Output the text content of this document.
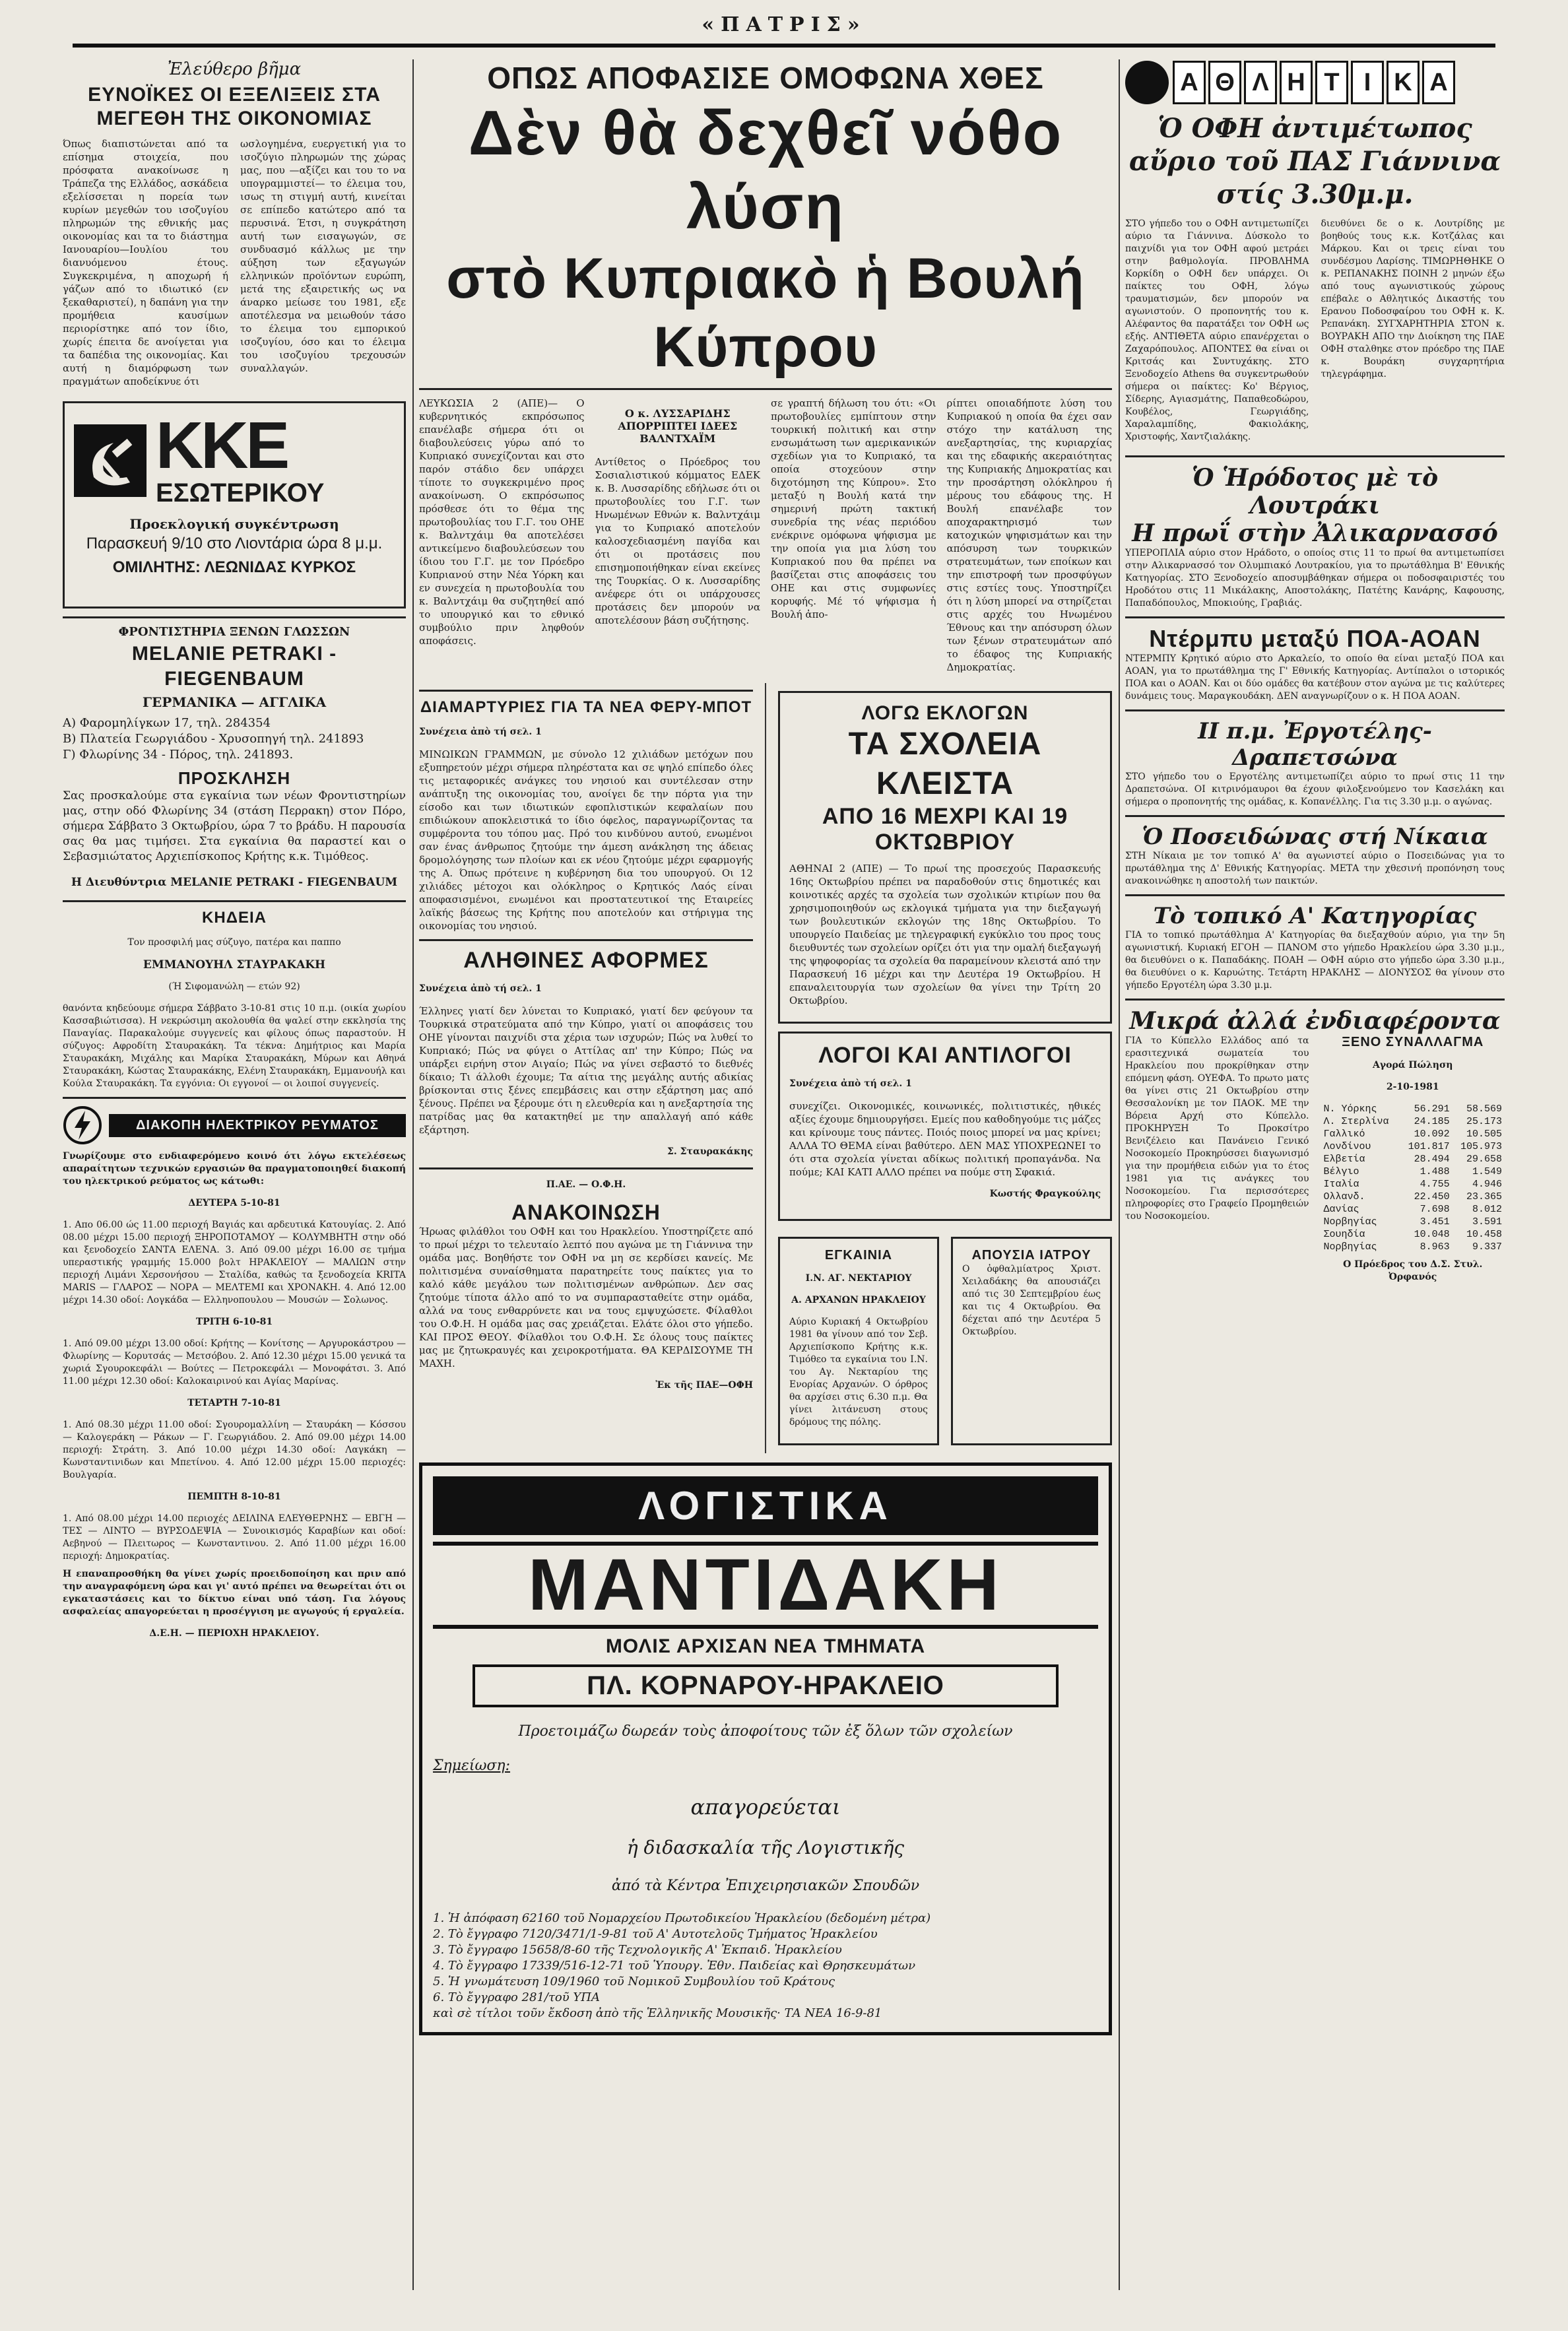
«ΠΑΤΡΙΣ»

Ἐλεύθερο βῆμα

ΕΥΝΟΪΚΕΣ ΟΙ ΕΞΕΛΙΞΕΙΣ ΣΤΑ ΜΕΓΕΘΗ ΤΗΣ ΟΙΚΟΝΟΜΙΑΣ

Όπως διαπιστώνεται από τα επίσημα στοιχεία, που πρόσφατα ανακοίνωσε η Τράπεζα της Ελλάδος, ασκάδεια εξελίσσεται η πορεία των κυρίων μεγεθών του ισοζυγίου πληρωμών της εθνικής μας οικονομίας και τα το διάστημα Ιανουαρίου—Ιουλίου του διανυόμενου έτους. Συγκεκριμένα, η αποχωρή ή γάζων από το ιδιωτικό (εν ξεκαθαριστεί), η δαπάνη για την προμήθεια καυσίμων περιορίστηκε από τον ίδιο, χωρίς έπειτα δε ανοίγεται για τα δαπέδια της οικονομίας. Και αυτή η διαμόρφωση των πραγμάτων αποδείκνυε ότι

ωσλογημένα, ευεργετική για το ισοζύγιο πληρωμών της χώρας μας, που —αξίζει και του το να υπογραμμιστεί— το έλειμα του, ισως τη στιγμή αυτή, κινείται σε επίπεδο κατώτερο από τα περυσινά. Έτσι, η συγκράτηση αυτή των εισαγωγών, σε συνδυασμό κάλλως με την αύξηση των εξαγωγών ελληνικών προϊόντων ευρώπη, μετά της εξαιρετικής ως να άναρκο μείωσε του 1981, εξε αποτέλεσμα να μειωθούν τάσο το έλειμα του εμπορικού ισοζυγίου, όσο και το έλειμα του ισοζυγίου τρεχουσών συναλλαγών.

ΚΚΕ
ΕΣΩΤΕΡΙΚΟΥ

Προεκλογική συγκέντρωση

Παρασκευή 9/10 στο Λιοντάρια ώρα 8 μ.μ.

ΟΜΙΛΗΤΗΣ: ΛΕΩΝΙΔΑΣ ΚΥΡΚΟΣ

ΦΡΟΝΤΙΣΤΗΡΙΑ ΞΕΝΩΝ ΓΛΩΣΣΩΝ

MELANIE PETRAKI - FIEGENBAUM

ΓΕΡΜΑΝΙΚΑ — ΑΓΓΛΙΚΑ

Α) Φαρομηλίγκων 17, τηλ. 284354

Β) Πλατεία Γεωργιάδου - Χρυσοπηγή τηλ. 241893

Γ) Φλωρίνης 34 - Πόρος, τηλ. 241893.

ΠΡΟΣΚΛΗΣΗ

Σας προσκαλούμε στα εγκαίνια των νέων Φροντιστηρίων μας, στην οδό Φλωρίνης 34 (στάση Περρακη) στον Πόρο, σήμερα Σάββατο 3 Οκτωβρίου, ώρα 7 το βράδυ. Η παρουσία σας θα μας τιμήσει. Στα εγκαίνια θα παραστεί και ο Σεβασμιώτατος Αρχιεπίσκοπος Κρήτης κ.κ. Τιμόθεος.

Η Διευθύντρια MELANIE PETRAKI - FIEGENBAUM

ΚΗΔΕΙΑ

Τον προσφιλή μας σύζυγο, πατέρα και παππο

ΕΜΜΑΝΟΥΗΛ ΣΤΑΥΡΑΚΑΚΗ

(Ή Σιφομανώλη — ετών 92)

θανόντα κηδεύουμε σήμερα Σάββατο 3-10-81 στις 10 π.μ. (οικία χωρίου Κασσαβιώτισσα). Η νεκρώσιμη ακολουθία θα ψαλεί στην εκκλησία της Παναγίας. Παρακαλούμε συγγενείς και φίλους όπως παραστούν. Η σύζυγος: Αφροδίτη Σταυρακάκη. Τα τέκνα: Δημήτριος και Μαρία Σταυρακάκη, Μιχάλης και Μαρίκα Σταυρακάκη, Μύρων και Αθηνά Σταυρακάκη, Κώστας Σταυρακάκης, Ελένη Σταυρακάκη, Εμμανουήλ και Κούλα Σταυρακάκη. Τα εγγόνια: Οι εγγονοί — οι λοιποί συγγενείς.

ΔΙΑΚΟΠΗ ΗΛΕΚΤΡΙΚΟΥ ΡΕΥΜΑΤΟΣ

Γνωρίζουμε στο ενδιαφερόμενο κοινό ότι λόγω εκτελέσεως απαραίτητων τεχνικών εργασιών θα πραγματοποιηθεί διακοπή του ηλεκτρικού ρεύματος ως κάτωθι:

ΔΕΥΤΕΡΑ 5-10-81

1. Απο 06.00 ώς 11.00 περιοχή Βαγιάς και αρδευτικά Κατουγίας. 2. Από 08.00 μέχρι 15.00 περιοχή ΞΗΡΟΠΟΤΑΜΟΥ — ΚΟΛΥΜΒΗΤΗ στην οδό και ξενοδοχείο ΣΑΝΤΑ ΕΛΕΝΑ. 3. Από 09.00 μέχρι 16.00 σε τμήμα υπεραστικής γραμμής 15.000 βολτ ΗΡΑΚΛΕΙΟΥ — ΜΑΛΙΩΝ στην περιοχή Λιμάνι Χερσονήσου — Σταλίδα, καθώς τα ξενοδοχεία KRITA MARIS — ΓΛΑΡΟΣ — ΝΟΡΑ — ΜΕΛΤΕΜΙ και ΧΡΟΝΑΚΗ. 4. Από 12.00 μέχρι 14.30 οδοί: Λογκάδα — Ελληνοπουλου — Μουσών — Σολωνος.

ΤΡΙΤΗ 6-10-81

1. Από 09.00 μέχρι 13.00 οδοί: Κρήτης — Κονίτσης — Αργυροκάστρου — Φλωρίνης — Κορυτσάς — Μετσόβου. 2. Από 12.30 μέχρι 15.00 γενικά τα χωριά Σγουροκεφάλι — Βούτες — Πετροκεφάλι — Μονοφάτσι. 3. Από 11.00 μέχρι 12.30 οδοί: Καλοκαιρινού και Αγίας Μαρίνας.

ΤΕΤΑΡΤΗ 7-10-81

1. Από 08.30 μέχρι 11.00 οδοί: Σγουρομαλλίνη — Σταυράκη — Κόσσου — Καλογεράκη — Ράκων — Γ. Γεωργιάδου. 2. Από 09.00 μέχρι 14.00 περιοχή: Στράτη. 3. Από 10.00 μέχρι 14.30 οδοί: Λαγκάκη — Κωνσταντινιδων και Μπετίνου. 4. Από 12.00 μέχρι 15.00 περιοχές: Βουλγαρία.

ΠΕΜΠΤΗ 8-10-81

1. Από 08.00 μέχρι 14.00 περιοχές ΔΕΙΛΙΝΑ ΕΛΕΥΘΕΡΝΗΣ — ΕΒΓΗ — ΤΕΣ — ΛΙΝΤΟ — ΒΥΡΣΟΔΕΨΙΑ — Συνοικισμός Καραβίων και οδοί: Αεβηνού — Πλειτωρος — Κωνσταντινου. 2. Από 11.00 μέχρι 16.00 περιοχή: Δημοκρατίας.

Η επαναπροσθήκη θα γίνει χωρίς προειδοποίηση και πριν από την αναγραφόμενη ώρα και γι' αυτό πρέπει να θεωρείται ότι οι εγκαταστάσεις και το δίκτυο είναι υπό τάση. Για λόγους ασφαλείας απαγορεύεται η προσέγγιση με αγωγούς ή εργαλεία.

Δ.Ε.Η. — ΠΕΡΙΟΧΗ ΗΡΑΚΛΕΙΟΥ.

ΟΠΩΣ ΑΠΟΦΑΣΙΣΕ ΟΜΟΦΩΝΑ ΧΘΕΣ

Δὲν θὰ δεχθεῖ νόθο λύση

στὸ Κυπριακὸ ἡ Βουλή Κύπρου

ΛΕΥΚΩΣΙΑ 2 (ΑΠΕ)— Ο κυβερνητικός εκπρόσωπος επανέλαβε σήμερα ότι οι διαβουλεύσεις γύρω από το Κυπριακό συνεχίζονται και στο παρόν στάδιο δεν υπάρχει τίποτε το συγκεκριμένο προς ανακοίνωση. Ο εκπρόσωπος πρόσθεσε ότι το θέμα της πρωτοβουλίας του Γ.Γ. του ΟΗΕ κ. Βαλντχάιμ θα αποτελέσει αντικείμενο διαβουλεύσεων του ίδιου του Γ.Γ. με τον Πρόεδρο Κυπριανού στην Νέα Υόρκη και εν συνεχεία η πρωτοβουλία του κ. Βαλντχάιμ θα συζητηθεί από το υπουργικό και το εθνικό συμβούλιο πριν ληφθούν αποφάσεις.

Ο κ. ΛΥΣΣΑΡΙΔΗΣ ΑΠΟΡΡΙΠΤΕΙ ΙΔΕΕΣ ΒΑΛΝΤΧΑΪΜ

Αντίθετος ο Πρόεδρος του Σοσιαλιστικού κόμματος ΕΔΕΚ κ. Β. Λυσσαρίδης εδήλωσε ότι οι πρωτοβουλίες του Γ.Γ. των Ηνωμένων Εθνών κ. Βαλντχάιμ για το Κυπριακό αποτελούν καλοσχεδιασμένη παγίδα και ότι οι προτάσεις που επισημοποιήθηκαν είναι εκείνες της Τουρκίας. Ο κ. Λυσσαρίδης ανέφερε ότι οι υπάρχουσες προτάσεις δεν μπορούν να αποτελέσουν βάση συζήτησης.

σε γραπτή δήλωση του ότι: «Οι πρωτοβουλίες εμπίπτουν στην τουρκική πολιτική και στην ενσωμάτωση των αμερικανικών σχεδίων για το Κυπριακό, τα οποία στοχεύουν στην διχοτόμηση της Κύπρου». Στο μεταξύ η Βουλή κατά την σημερινή πρώτη τακτική συνεδρία της νέας περιόδου ενέκρινε ομόφωνα ψήφισμα με την οποία για μια λύση του Κυπριακού που θα πρέπει να βασίζεται στις αποφάσεις του ΟΗΕ και στις συμφωνίες κορυφής. Μέ τό ψήφισμα ἡ Βουλή ἀπο-

ρίπτει οποιαδήποτε λύση του Κυπριακού η οποία θα έχει σαν στόχο την κατάλυση της ανεξαρτησίας, της κυριαρχίας και της εδαφικής ακεραιότητας της Κυπριακής Δημοκρατίας και την προσάρτηση ολόκληρου ή μέρους του εδάφους της. Η Βουλή επανέλαβε τον αποχαρακτηρισμό των κατοχικών ψηφισμάτων και την απόσυρση των τουρκικών στρατευμάτων, των εποίκων και την επιστροφή των προσφύγων στις εστίες τους. Υποστηρίζει ότι η λύση μπορεί να στηρίζεται στις αρχές του Ηνωμένου Έθνους και την απόσυρση όλων των ξένων στρατευμάτων από το έδαφος της Κυπριακής Δημοκρατίας.

ΔΙΑΜΑΡΤΥΡΙΕΣ ΓΙΑ ΤΑ ΝΕΑ ΦΕΡΥ-ΜΠΟΤ

Συνέχεια ἀπὸ τή σελ. 1

ΜΙΝΩΙΚΩΝ ΓΡΑΜΜΩΝ, με σύνολο 12 χιλιάδων μετόχων που εξυπηρετούν μέχρι σήμερα πληρέστατα και σε ψηλό επίπεδο όλες τις μεταφορικές ανάγκες του νησιού και συντέλεσαν στην ανάπτυξη της οικονομίας του, ανοίγει δε την πόρτα για την είσοδο και των ιδιωτικών εφοπλιστικών κεφαλαίων που επιδιώκουν αποκλειστικά το ίδιο όφελος, παραγνωρίζοντας τα συμφέροντα του τόπου μας. Πρό του κινδύνου αυτού, ενωμένοι σαν ένας άνθρωπος ζητούμε την άμεση ανάκληση της άδειας δρομολόγησης των πλοίων και εκ νέου ζητούμε μέχρι εφαρμογής της Α. Όπως πρότεινε η κυβέρνηση δια του υπουργού. Οι 12 χιλιάδες μέτοχοι και ολόκληρος ο Κρητικός Λαός είναι αποφασισμένοι, ενωμένοι και προστατευτικοί της Εταιρείες λαϊκής βάσεως της Κρήτης που αποτελούν και στήριγμα της οικονομίας του νησιού.

ΑΛΗΘΙΝΕΣ ΑΦΟΡΜΕΣ

Συνέχεια ἀπὸ τή σελ. 1

Έλληνες γιατί δεν λύνεται το Κυπριακό, γιατί δεν φεύγουν τα Τουρκικά στρατεύματα από την Κύπρο, γιατί οι αποφάσεις του ΟΗΕ γίνονται παιχνίδι στα χέρια των ισχυρών; Πώς να λυθεί το Κυπριακό; Πώς να φύγει ο Αττίλας απ' την Κύπρο; Πώς να υπάρξει ειρήνη στον Αιγαίο; Πώς να γίνει σεβαστό το διεθνές δίκαιο; Τι άλλοθι έχουμε; Τα αίτια της μεγάλης αυτής αδικίας βρίσκονται στις ξένες επεμβάσεις και στην εξάρτηση μας από ξένους. Πρέπει να ξέρουμε ότι η ελευθερία και η ανεξαρτησία της πατρίδας μας θα κατακτηθεί με την απαλλαγή από κάθε εξάρτηση.

Σ. Σταυρακάκης

Π.ΑΕ. — Ο.Φ.Η.

ΑΝΑΚΟΙΝΩΣΗ

Ήρωας φιλάθλοι του ΟΦΗ και του Ηρακλείου. Υποστηρίζετε από το πρωί μέχρι το τελευταίο λεπτό που αγώνα με τη Γιάννινα την ομάδα μας. Βοηθήστε τον ΟΦΗ να μη σε κερδίσει κανείς. Με πολιτισμένα συναίσθηματα παρατηρείτε τους παίκτες για το καλό κάθε μεγάλου των πολιτισμένων ανθρώπων. Δεν σας ζητούμε τίποτα άλλο από το να συμπαρασταθείτε στην ομάδα, αλλά να τους ενθαρρύνετε και να τους εμψυχώσετε. Φίλαθλοι του Ο.Φ.Η. Η ομάδα μας σας χρειάζεται. Ελάτε όλοι στο γήπεδο. ΚΑΙ ΠΡΟΣ ΘΕΟΥ. Φίλαθλοι του Ο.Φ.Η. Σε όλους τους παίκτες μας με ζητωκραυγές και χειροκροτήματα. ΘΑ ΚΕΡΔΙΣΟΥΜΕ ΤΗ ΜΑΧΗ.

Ἐκ τῆς ΠΑΕ—ΟΦΗ

ΛΟΓΩ ΕΚΛΟΓΩΝ

ΤΑ ΣΧΟΛΕΙΑ ΚΛΕΙΣΤΑ

ΑΠΟ 16 ΜΕΧΡΙ ΚΑΙ 19 ΟΚΤΩΒΡΙΟΥ

ΑΘΗΝΑΙ 2 (ΑΠΕ) — Το πρωί της προσεχούς Παρασκευής 16ης Οκτωβρίου πρέπει να παραδοθούν στις δημοτικές και κοινοτικές αρχές τα σχολεία των σχολικών κτιρίων που θα χρησιμοποιηθούν ως εκλογικά τμήματα για την διεξαγωγή των βουλευτικών εκλογών της 18ης Οκτωβρίου. Το υπουργείο Παιδείας με τηλεγραφική εγκύκλιο του προς τους διευθυντές των σχολείων ορίζει ότι για την ομαλή διεξαγωγή της ψηφοφορίας τα σχολεία θα παραμείνουν κλειστά από την Παρασκευή 16 μέχρι και την Δευτέρα 19 Οκτωβρίου. Η επαναλειτουργία των σχολείων θα γίνει την Τρίτη 20 Οκτωβρίου.

ΛΟΓΟΙ ΚΑΙ ΑΝΤΙΛΟΓΟΙ

Συνέχεια ἀπὸ τή σελ. 1

συνεχίζει. Οικονομικές, κοινωνικές, πολιτιστικές, ηθικές αξίες έχουμε δημιουργήσει. Εμείς που καθοδηγούμε τις μάζες και κρίνουμε τους πάντες. Ποιός ποιος μπορεί να μας κρίνει; ΑΛΛΑ ΤΟ ΘΕΜΑ είναι βαθύτερο. ΔΕΝ ΜΑΣ ΥΠΟΧΡΕΩΝΕΙ το ότι στα σχολεία γίνεται αδίκως πολιτική προπαγάνδα. Να πούμε; ΚΑΙ ΚΑΤΙ ΑΛΛΟ πρέπει να πούμε στη Σφακιά.

Κωστής Φραγκούλης

ΕΓΚΑΙΝΙΑ

Ι.Ν. ΑΓ. ΝΕΚΤΑΡΙΟΥ

Α. ΑΡΧΑΝΩΝ ΗΡΑΚΛΕΙΟΥ

Αύριο Κυριακή 4 Οκτωβρίου 1981 θα γίνουν από τον Σεβ. Αρχιεπίσκοπο Κρήτης κ.κ. Τιμόθεο τα εγκαίνια του Ι.Ν. του Αγ. Νεκταρίου της Ενορίας Αρχανών. Ο όρθρος θα αρχίσει στις 6.30 π.μ. Θα γίνει λιτάνευση στους δρόμους της πόλης.

ΑΠΟΥΣΙΑ ΙΑΤΡΟΥ

Ο ὀφθαλμίατρος Χριστ. Χειλαδάκης θα απουσιάζει από τις 30 Σεπτεμβρίου έως και τις 4 Οκτωβρίου. Θα δέχεται από την Δευτέρα 5 Οκτωβρίου.

ΛΟΓΙΣΤΙΚΑ
ΜΑΝΤΙΔΑΚΗ

ΜΟΛΙΣ ΑΡΧΙΣΑΝ ΝΕΑ ΤΜΗΜΑΤΑ

ΠΛ. ΚΟΡΝΑΡΟΥ-ΗΡΑΚΛΕΙΟ

Προετοιμάζω δωρεάν τοὺς ἀποφοίτους τῶν ἐξ ὅλων τῶν σχολείων

Σημείωση:

απαγορεύεται

ἡ διδασκαλία τῆς Λογιστικῆς

ἀπό τὰ Κέντρα Ἐπιχειρησιακῶν Σπουδῶν

1. Ἡ ἀπόφαση 62160 τοῦ Νομαρχείου Πρωτοδικείου Ἡρακλείου (δεδομένη μέτρα)

2. Τὸ ἔγγραφο 7120/3471/1-9-81 τοῦ Α' Αυτοτελοῦς Τμήματος Ἡρακλείου

3. Τὸ ἔγγραφο 15658/8-60 τῆς Τεχνολογικῆς Α' Ἐκπαιδ. Ἡρακλείου

4. Τὸ ἔγγραφο 17339/516-12-71 τοῦ Ὑπουργ. Ἐθν. Παιδείας καὶ Θρησκευμάτων

5. Ἡ γνωμάτευση 109/1960 τοῦ Νομικοῦ Συμβουλίου τοῦ Κράτους

6. Τὸ ἔγγραφο 281/τοῦ ΥΠΑ

καὶ σὲ τίτλοι τοῦν ἔκδοση ἀπὸ τῆς Ἑλληνικῆς Μουσικῆς· ΤΑ ΝΕΑ 16-9-81

Α Θ Λ Η Τ Ι Κ Α

Ὁ ΟΦΗ ἀντιμέτωπος αὔριο τοῦ ΠΑΣ Γιάννινα στίς 3.30μ.μ.

ΣΤΟ γήπεδο του ο ΟΦΗ αντιμετωπίζει αύριο τα Γιάννινα. Δύσκολο το παιχνίδι για τον ΟΦΗ αφού μετράει στην βαθμολογία. ΠΡΟΒΛΗΜΑ Κορκίδη ο ΟΦΗ δεν υπάρχει. Οι παίκτες του ΟΦΗ, λόγω τραυματισμών, δεν μπορούν να αγωνιστούν. Ο προπονητής του κ. Αλέφαντος θα παρατάξει τον ΟΦΗ ως εξής. ΑΝΤΙΘΕΤΑ αύριο επανέρχεται ο Ζαχαρόπουλος. ΑΠΟΝΤΕΣ θα είναι οι Κριτσάς και Συντυχάκης. ΣΤΟ Ξενοδοχείο Athens θα συγκεντρωθούν σήμερα οι παίκτες: Κο' Βέργιος, Σίδερης, Αγιασμάτης, Παπαθεοδώρου, Κουβέλος, Γεωργιάδης, Χαραλαμπίδης, Φακιολάκης, Χριστοφής, Χαντζιαλάκης.

διευθύνει δε ο κ. Λουτρίδης με βοηθούς τους κ.κ. Κοτζάλας και Μάρκου. Και οι τρεις είναι του συνδέσμου Λαρίσης. ΤΙΜΩΡΗΘΗΚΕ Ο κ. ΡΕΠΑΝΑΚΗΣ ΠΟΙΝΗ 2 μηνών έξω από τους αγωνιστικούς χώρους επέβαλε ο Αθλητικός Δικαστής του Ερανου Ποδοσφαίρου του ΟΦΗ κ. Κ. Ρεπανάκη. ΣΥΓΧΑΡΗΤΗΡΙΑ ΣΤΟΝ κ. ΒΟΥΡΑΚΗ ΑΠΟ την Διοίκηση της ΠΑΕ ΟΦΗ σταλθηκε στον πρόεδρο της ΠΑΕ κ. Βουράκη συγχαρητήρια τηλεγράφημα.

Ὁ Ἡρόδοτος μὲ τὸ Λουτράκι

Η πρωΐ στὴν Ἀλικαρνασσό

ΥΠΕΡΟΠΛΙΑ αύριο στον Ηράδοτο, ο οποίος στις 11 το πρωί θα αντιμετωπίσει στην Αλικαρνασσό τον Ολυμπιακό Λουτρακίου, για το πρωτάθλημα Β' Εθνικής Κατηγορίας. ΣΤΟ Ξενοδοχείο αποσυμβάθηκαν σήμερα οι ποδοσφαιριστές του Ηροδότου στις 11 Μικάλακης, Αποστολάκης, Πατέτης Κανάρης, Καφουσης, Παπαδόπουλος, Μποκιούης, Γραβιάς.

Ντέρμπυ μεταξύ ΠΟΑ-ΑΟΑΝ

ΝΤΕΡΜΠΥ Κρητικό αύριο στο Αρκαλείο, το οποίο θα είναι μεταξύ ΠΟΑ και ΑΟΑΝ, για το πρωτάθλημα της Γ' Εθνικής Κατηγορίας. Αντίπαλοι ο ιστορικός ΠΟΑ και ο ΑΟΑΝ. Και οι δύο ομάδες θα κατέβουν στον αγώνα με τις καλύτερες δυνάμεις τους. Μαραγκουδάκη. ΔΕΝ αναγνωρίζουν ο κ. Η ΠΟΑ ΑΟΑΝ.

ΙΙ π.μ. Ἐργοτέλης-Δραπετσώνα

ΣΤΟ γήπεδο του ο Εργοτέλης αντιμετωπίζει αύριο το πρωί στις 11 την Δραπετσώνα. ΟΙ κιτρινόμαυροι θα έχουν φιλοξενούμενο τον Κασελάκη και σήμερα ο προπονητής της ομάδας, κ. Κοπανέλλης. Για τις 3.30 μ.μ. ο αγώνας.

Ὁ Ποσειδώνας στή Νίκαια

ΣΤΗ Νίκαια με τον τοπικό Α' θα αγωνιστεί αύριο ο Ποσειδώνας για το πρωτάθλημα της Δ' Εθνικής Κατηγορίας. ΜΕΤΑ την χθεσινή προπόνηση τους ανακοινώθηκε η αποστολή των παικτών.

Τὸ τοπικό Α' Κατηγορίας

ΓΙΑ το τοπικό πρωτάθλημα Α' Κατηγορίας θα διεξαχθούν αύριο, για την 5η αγωνιστική. Κυριακή ΕΓΟΗ — ΠΑΝΟΜ στο γήπεδο Ηρακλείου ώρα 3.30 μ.μ., θα διευθύνει ο κ. Παπαδάκης. ΠΟΑΗ — ΟΦΗ αύριο στο γήπεδο ώρα 3.30 μ.μ., θα διευθύνει ο κ. Καρυώτης. Τετάρτη ΗΡΑΚΛΗΣ — ΔΙΟΝΥΣΟΣ θα γίνουν στο γήπεδο Εργοτέλη ώρα 3.30 μ.μ.

Μικρά ἀλλά ἐνδιαφέροντα

ΓΙΑ το Κύπελλο Ελλάδος από τα ερασιτεχνικά σωματεία του Ηρακλείου που προκρίθηκαν στην επόμενη φάση. ΟΥΕΦΑ. Το πρωτο ματς θα γίνει στις 21 Οκτωβρίου στην Θεσσαλονίκη με τον ΠΑΟΚ. ΜΕ την Βόρεια Αρχή στο Κύπελλο. ΠΡΟΚΗΡΥΞΗ Το Προκσίτρο Βενιζέλειο και Πανάνειο Γενικό Νοσοκομείο Προκηρύσσει διαγωνισμό για την προμήθεια ειδών για το έτος 1981 για τις ανάγκες του Νοσοκομείου. Για περισσότερες πληροφορίες στο Γραφείο Προμηθειών του Νοσοκομείου.

ΞΕΝΟ ΣΥΝΑΛΛΑΓΜΑ

Αγορά Πώληση

2-10-1981

Ν. Υόρκης	56.291	58.569
Λ. Στερλίνα	24.185	25.173
Γαλλικό	10.092	10.505
Λονδίνου	101.817	105.973
Ελβετία	28.494	29.658
Βέλγιο	1.488	1.549
Ιταλία	4.755	4.946
Ολλανδ.	22.450	23.365
Δανίας	7.698	8.012
Νορβηγίας	3.451	3.591
Σουηδία	10.048	10.458
Νορβηγίας	8.963	9.337

Ο Πρόεδρος του Δ.Σ. Στυλ. Ὀρφανός
